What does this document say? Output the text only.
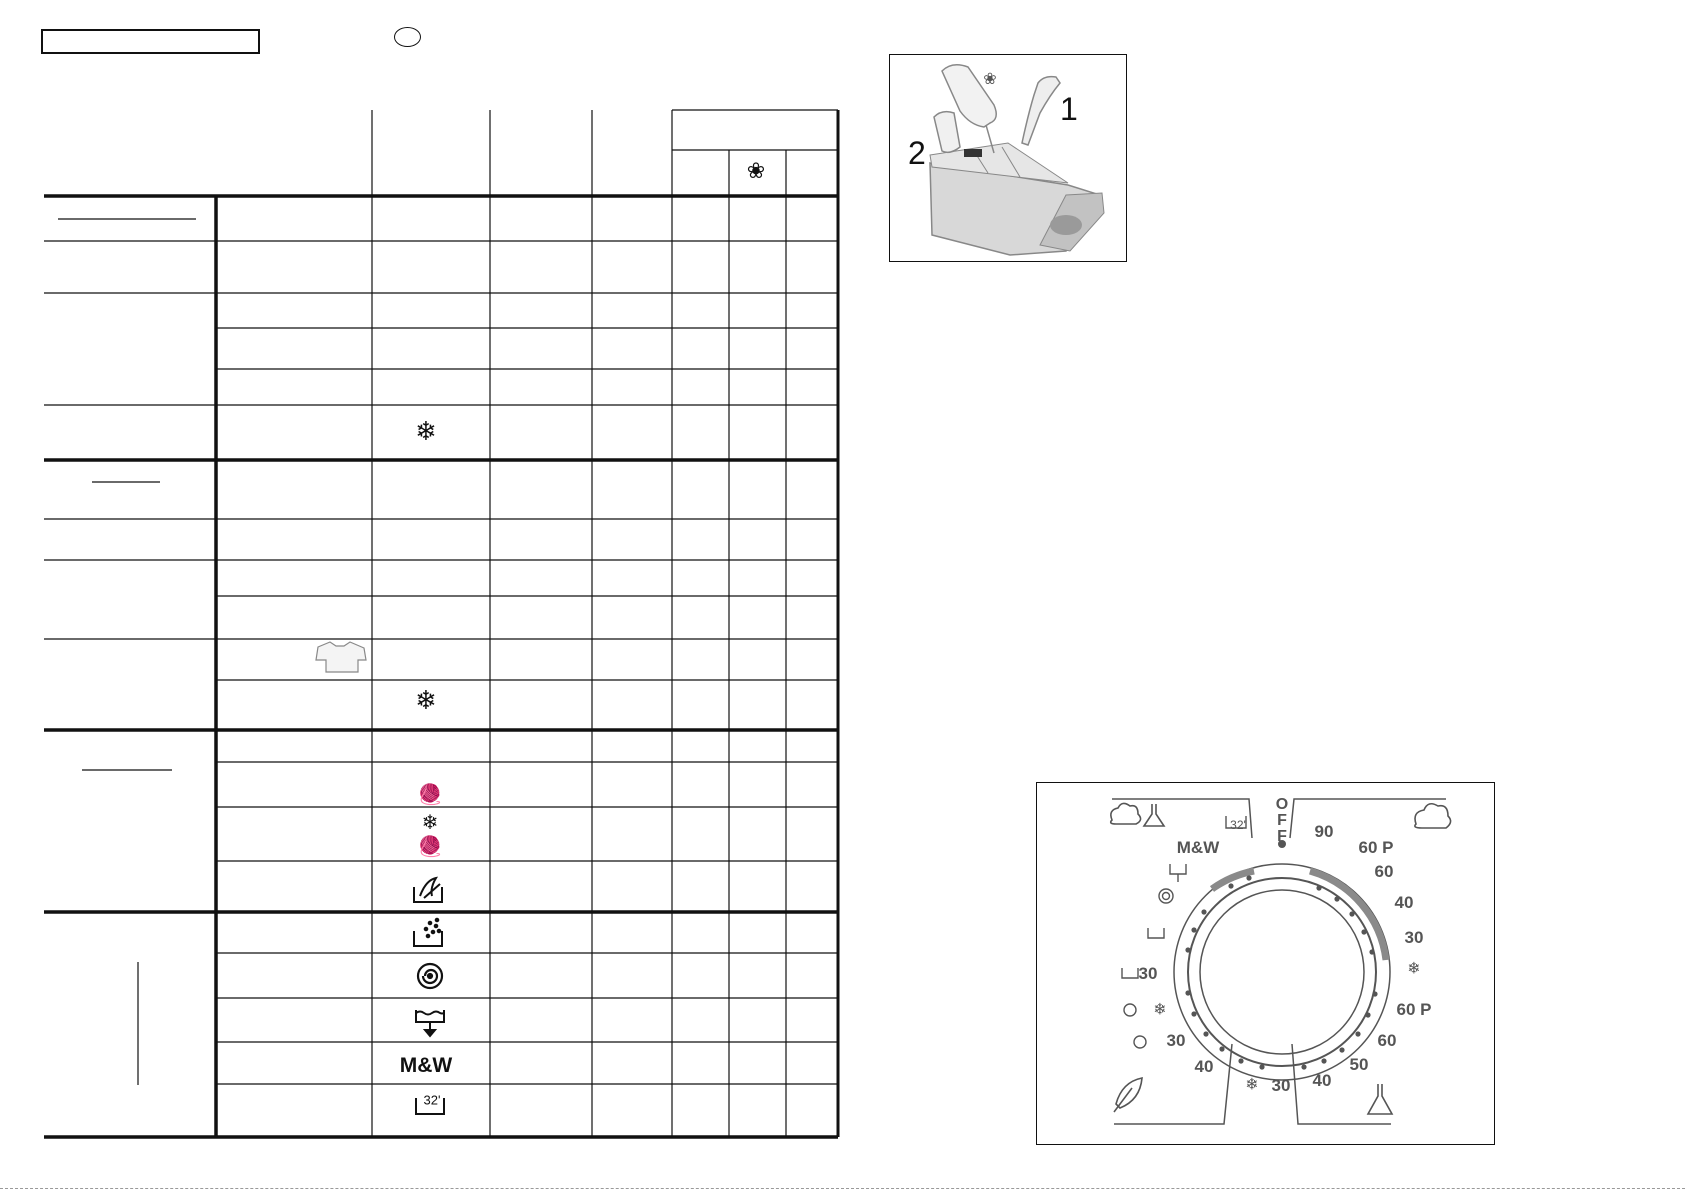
❄
❀
❄
🧶
❄
🧶
M&W
32'
1
2
❀
O
F
F 90
60 P
60
40
30
❄
60 P
60
50
40
30
❄
M&W
32'
30
❄
30
40
